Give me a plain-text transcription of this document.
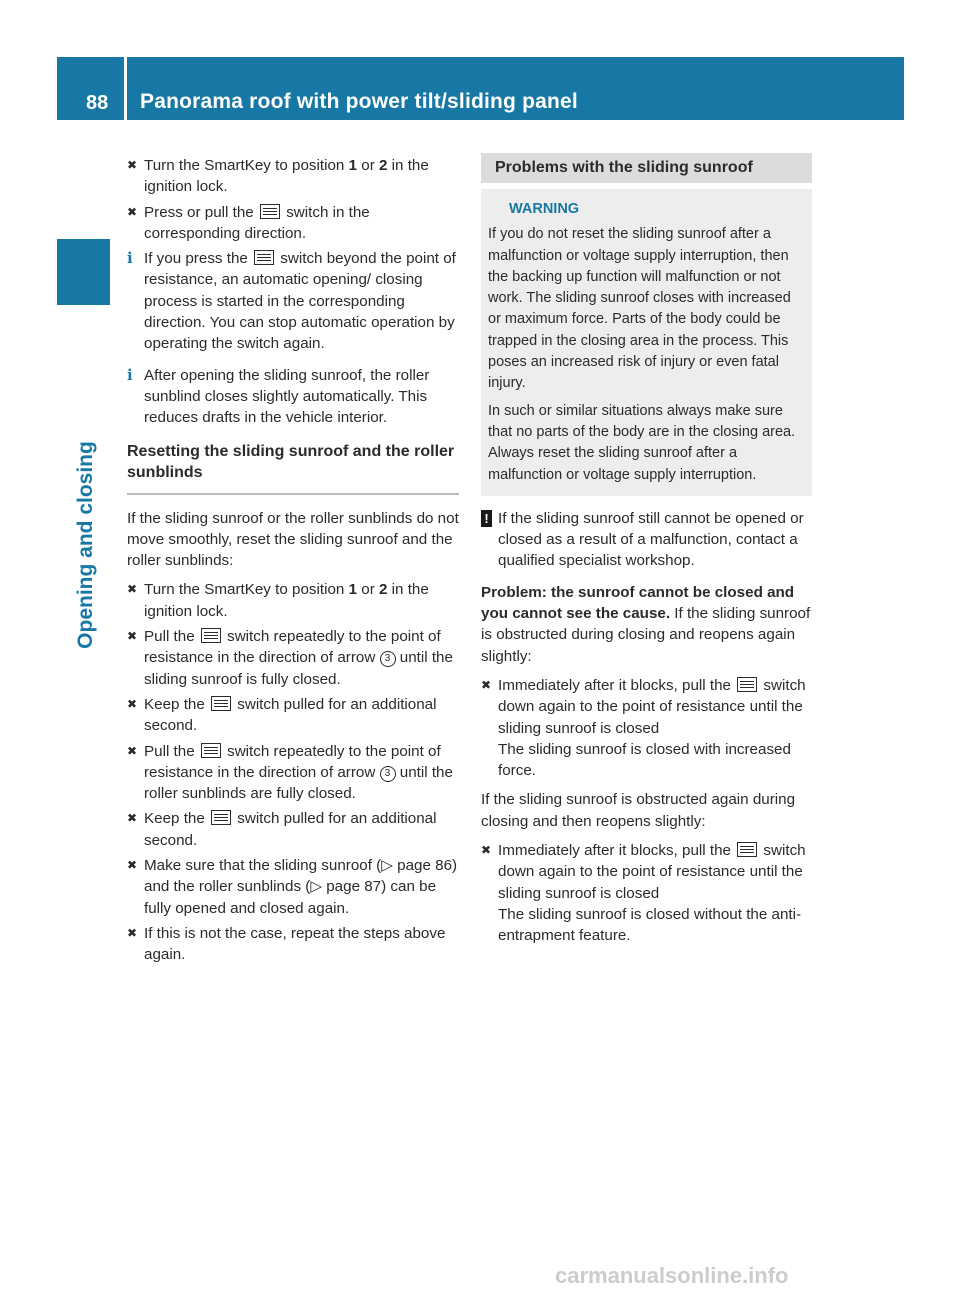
88 Panorama roof with power tilt/sliding panel
Opening and closing
✖ Turn the SmartKey to position 1 or 2 in the ignition lock.
✖ Press or pull the  switch in the corresponding direction.
i If you press the  switch beyond the point of resistance, an automatic opening/ closing process is started in the corresponding direction. You can stop automatic operation by operating the switch again.
i After opening the sliding sunroof, the roller sunblind closes slightly automatically. This reduces drafts in the vehicle interior.
Resetting the sliding sunroof and the roller sunblinds
If the sliding sunroof or the roller sunblinds do not move smoothly, reset the sliding sunroof and the roller sunblinds:
✖ Turn the SmartKey to position 1 or 2 in the ignition lock.
✖ Pull the  switch repeatedly to the point of resistance in the direction of arrow 3 until the sliding sunroof is fully closed.
✖ Keep the  switch pulled for an additional second.
✖ Pull the  switch repeatedly to the point of resistance in the direction of arrow 3 until the roller sunblinds are fully closed.
✖ Keep the  switch pulled for an additional second.
✖ Make sure that the sliding sunroof (▷ page 86) and the roller sunblinds (▷ page 87) can be fully opened and closed again.
✖ If this is not the case, repeat the steps above again.
Problems with the sliding sunroof
WARNING
If you do not reset the sliding sunroof after a malfunction or voltage supply interruption, then the backing up function will malfunction or not work. The sliding sunroof closes with increased or maximum force. Parts of the body could be trapped in the closing area in the process. This poses an increased risk of injury or even fatal injury.
In such or similar situations always make sure that no parts of the body are in the closing area. Always reset the sliding sunroof after a malfunction or voltage supply interruption.
! If the sliding sunroof still cannot be opened or closed as a result of a malfunction, contact a qualified specialist workshop.
Problem: the sunroof cannot be closed and you cannot see the cause. If the sliding sunroof is obstructed during closing and reopens again slightly:
✖ Immediately after it blocks, pull the  switch down again to the point of resistance until the sliding sunroof is closed
The sliding sunroof is closed with increased force.
If the sliding sunroof is obstructed again during closing and then reopens slightly:
✖ Immediately after it blocks, pull the  switch down again to the point of resistance until the sliding sunroof is closed
The sliding sunroof is closed without the anti-entrapment feature.
carmanualsonline.info
